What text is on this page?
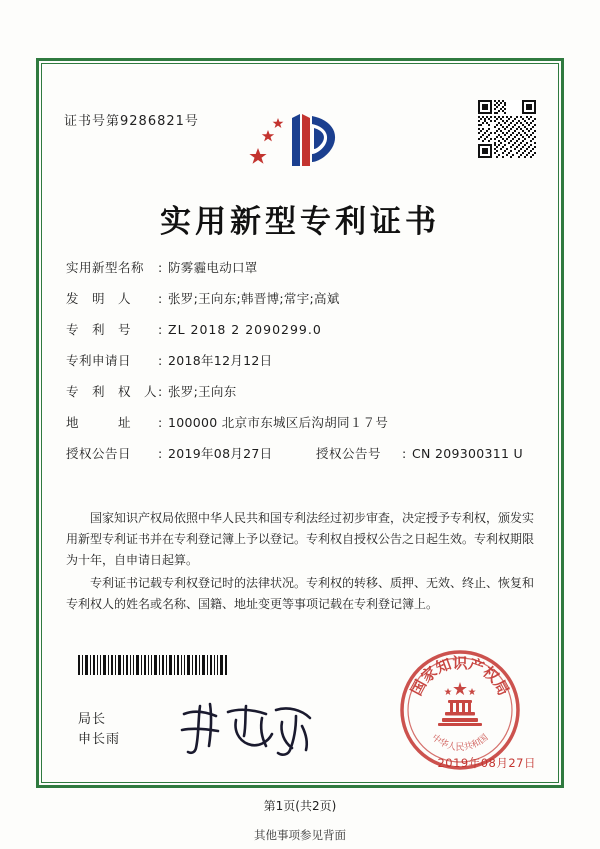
证书号第9286821号
实用新型专利证书
实用新型名称	: 防雾霾电动口罩
发　明　人	: 张罗;王向东;韩晋博;常宇;高斌
专　利　号	: ZL 2018 2 2090299.0
专利申请日	: 2018年12月12日
专　利　权　人 : 张罗;王向东
地　　　址	: 100000 北京市东城区后沟胡同１７号
授权公告日	: 2019年08月27日	授权公告号	: CN 209300311 U

国家知识产权局依照中华人民共和国专利法经过初步审查，决定授予专利权，颁发实用新型专利证书并在专利登记簿上予以登记。专利权自授权公告之日起生效。专利权期限为十年，自申请日起算。

专利证书记载专利权登记时的法律状况。专利权的转移、质押、无效、终止、恢复和专利权人的姓名或名称、国籍、地址变更等事项记载在专利登记簿上。

局长
申长雨
国家知识产权局
中华人民共和国
2019年08月27日
第1页(共2页)
其他事项参见背面
